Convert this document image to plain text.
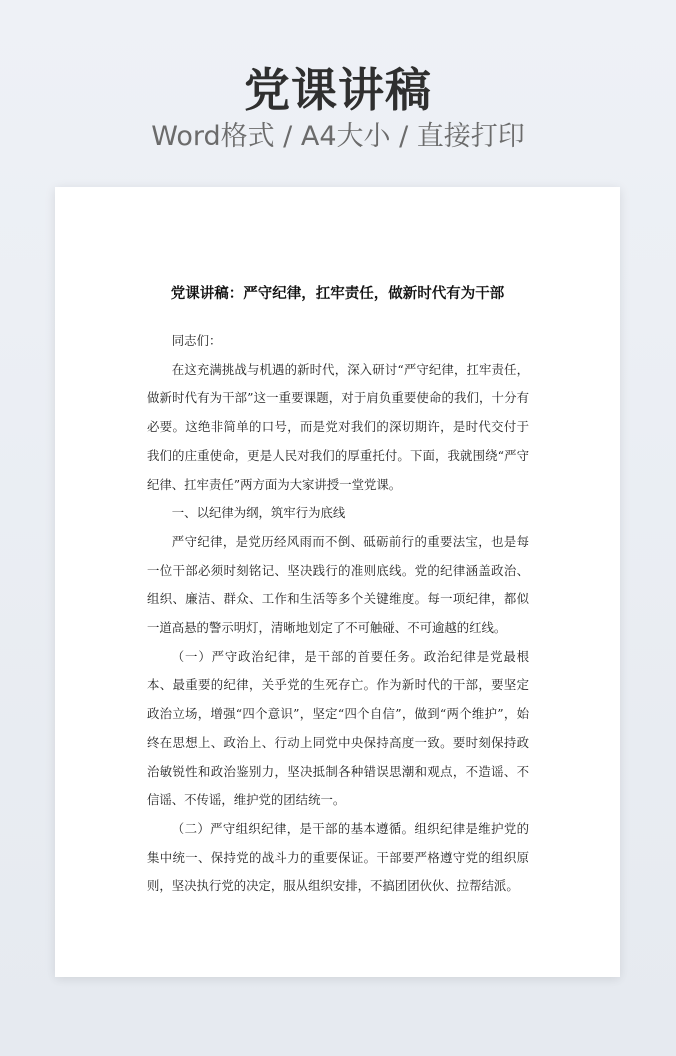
党课讲稿
Word格式 / A4大小 / 直接打印
党课讲稿：严守纪律，扛牢责任，做新时代有为干部

同志们：

在这充满挑战与机遇的新时代，深入研讨“严守纪律，扛牢责任，做新时代有为干部”这一重要课题，对于肩负重要使命的我们，十分有必要。这绝非简单的口号，而是党对我们的深切期许，是时代交付于我们的庄重使命，更是人民对我们的厚重托付。下面，我就围绕“严守纪律、扛牢责任”两方面为大家讲授一堂党课。

一、以纪律为纲，筑牢行为底线

严守纪律，是党历经风雨而不倒、砥砺前行的重要法宝，也是每一位干部必须时刻铭记、坚决践行的准则底线。党的纪律涵盖政治、组织、廉洁、群众、工作和生活等多个关键维度。每一项纪律，都似一道高悬的警示明灯，清晰地划定了不可触碰、不可逾越的红线。

（一）严守政治纪律，是干部的首要任务。政治纪律是党最根本、最重要的纪律，关乎党的生死存亡。作为新时代的干部，要坚定政治立场，增强“四个意识”，坚定“四个自信”，做到“两个维护”，始终在思想上、政治上、行动上同党中央保持高度一致。要时刻保持政治敏锐性和政治鉴别力，坚决抵制各种错误思潮和观点，不造谣、不信谣、不传谣，维护党的团结统一。

（二）严守组织纪律，是干部的基本遵循。组织纪律是维护党的集中统一、保持党的战斗力的重要保证。干部要严格遵守党的组织原则，坚决执行党的决定，服从组织安排，不搞团团伙伙、拉帮结派。
